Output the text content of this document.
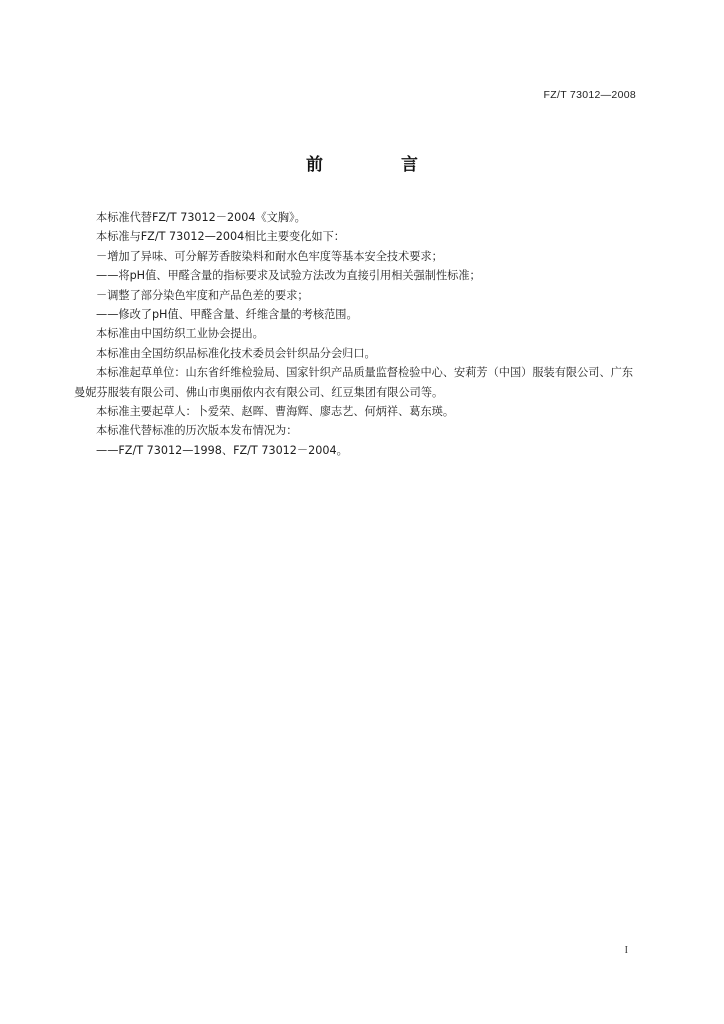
FZ/T 73012—2008
前 言

本标准代替FZ/T 73012－2004《文胸》。

本标准与FZ/T 73012—2004相比主要变化如下：

－增加了异味、可分解芳香胺染料和耐水色牢度等基本安全技术要求；

——将pH值、甲醛含量的指标要求及试验方法改为直接引用相关强制性标准；

－调整了部分染色牢度和产品色差的要求；

——修改了pH值、甲醛含量、纤维含量的考核范围。

本标准由中国纺织工业协会提出。

本标准由全国纺织品标准化技术委员会针织品分会归口。

本标准起草单位：山东省纤维检验局、国家针织产品质量监督检验中心、安莉芳（中国）服装有限公司、广东曼妮芬服装有限公司、佛山市奥丽侬内衣有限公司、红豆集团有限公司等。

本标准主要起草人：卜爱荣、赵晖、曹海辉、廖志艺、何炳祥、葛东瑛。

本标准代替标准的历次版本发布情况为：

——FZ/T 73012—1998、FZ/T 73012－2004。

I
